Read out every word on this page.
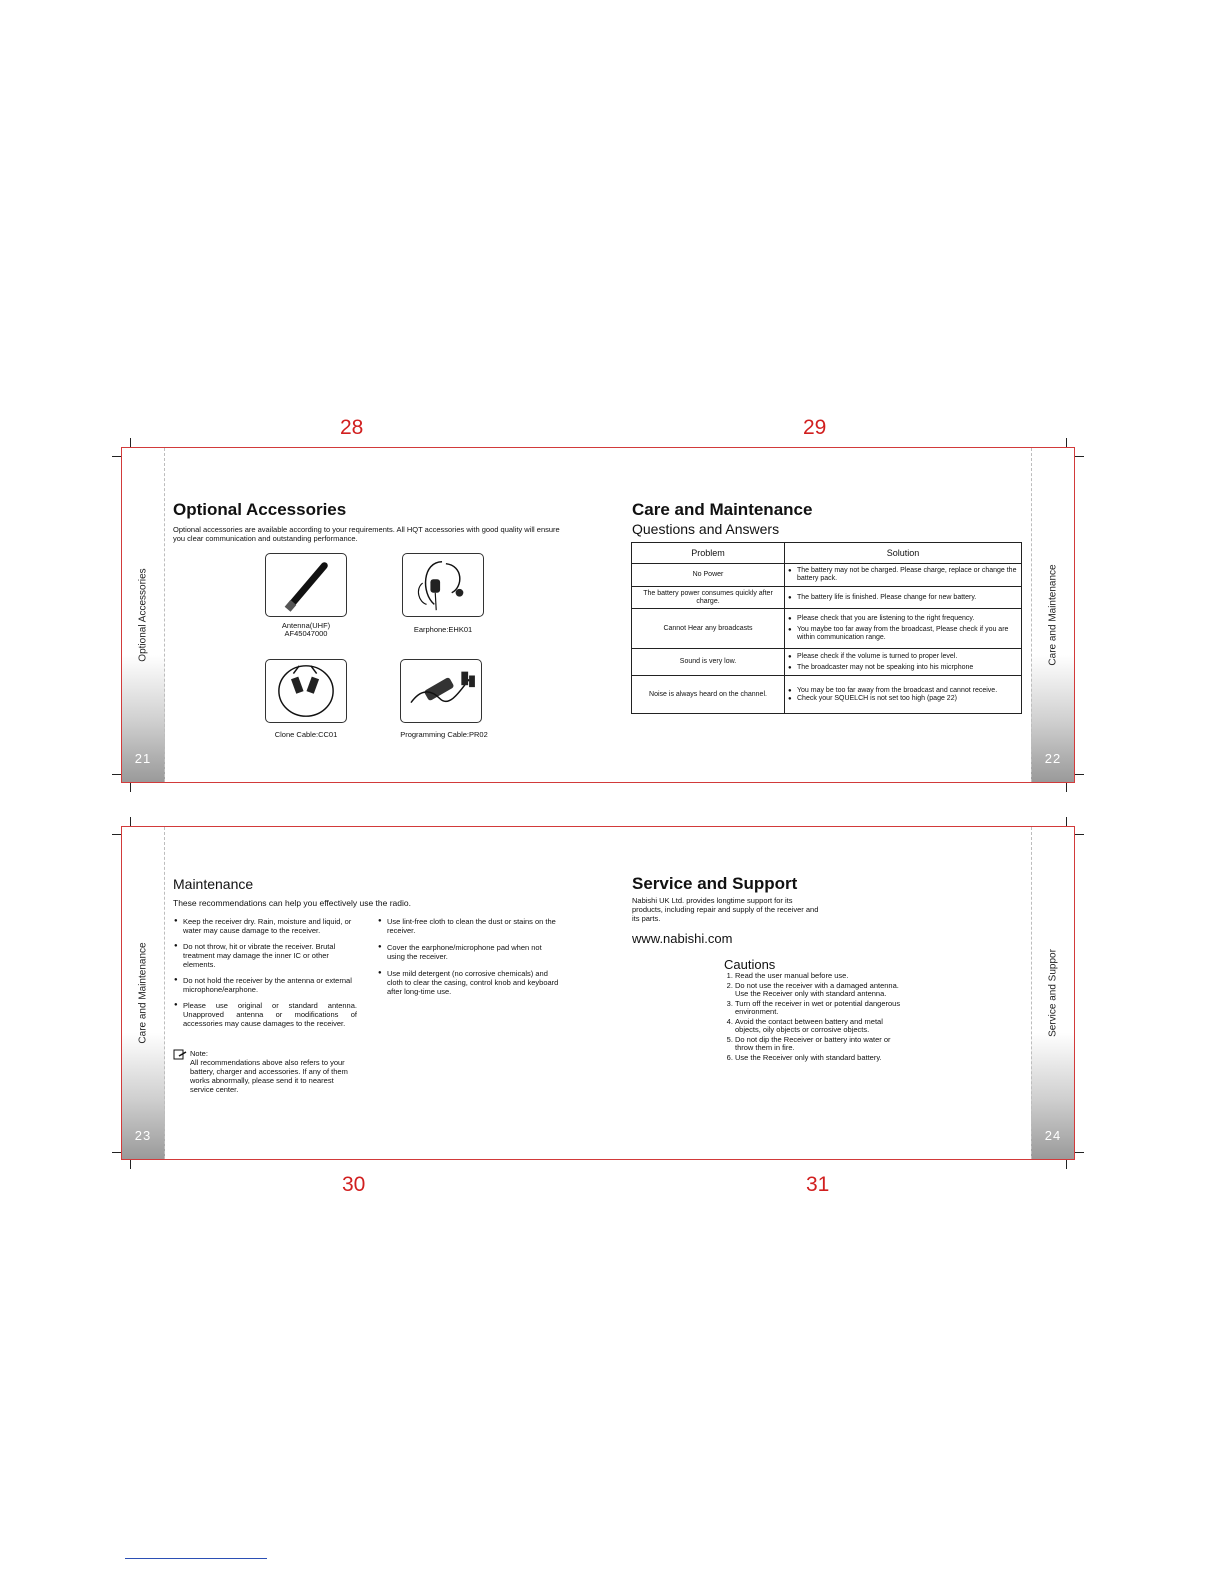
28	29
30	31
Optional Accessories
21
Care and Maintenance
22
Optional Accessories
Optional accessories are available according to your requirements. All HQT accessories with good quality will ensure you clear communication and outstanding performance.
Antenna(UHF)
AF45047000	Earphone:EHK01
Clone Cable:CC01	Programming Cable:PR02
Care and Maintenance
Questions and Answers
Problem	Solution
No Power	● The battery may not be charged. Please charge, replace or change the battery pack.

The battery power consumes quickly after charge.	● The battery life is finished. Please change for new battery.

Cannot Hear any broadcasts	● Please check that you are listening to the right frequency.
● You maybe too far away from the broadcast, Please check if you are within communication range.

Sound is very low.	● Please check if the volume is turned to proper level.
● The broadcaster may not be speaking into his micrphone

Noise is always heard on the channel.	● You may be too far away from the broadcast and cannot receive.
● Check your SQUELCH is not set too high (page 22)
Care and Maintenance
23
Service and Suppor
24
Maintenance
These recommendations can help you effectively use the radio.
● Keep the receiver dry. Rain, moisture and liquid, or water may cause damage to the receiver.
● Do not throw, hit or vibrate the receiver. Brutal treatment may damage the inner IC or other elements.
● Do not hold the receiver by the antenna or external microphone/earphone.
● Please use original or standard antenna. Unapproved antenna or modifications of accessories may cause damages to the receiver.
● Use lint-free cloth to clean the dust or stains on the receiver.
● Cover the earphone/microphone pad when not using the receiver.
● Use mild detergent (no corrosive chemicals) and cloth to clear the casing, control knob and keyboard after long-time use.
Note:
All recommendations above also refers to your battery, charger and accessories. If any of them works abnormally, please send it to nearest service center.
Service and Support
Nabishi UK Ltd. provides longtime support for its products, including repair and supply of the receiver and its parts.
www.nabishi.com
Cautions
1. Read the user manual before use.
2. Do not use the receiver with a damaged antenna. Use the Receiver only with standard antenna.
3. Turn off the receiver in wet or potential dangerous environment.
4. Avoid the contact between battery and metal objects, oily objects or corrosive objects.
5. Do not dip the Receiver or battery into water or throw them in fire.
6. Use the Receiver only with standard battery.
